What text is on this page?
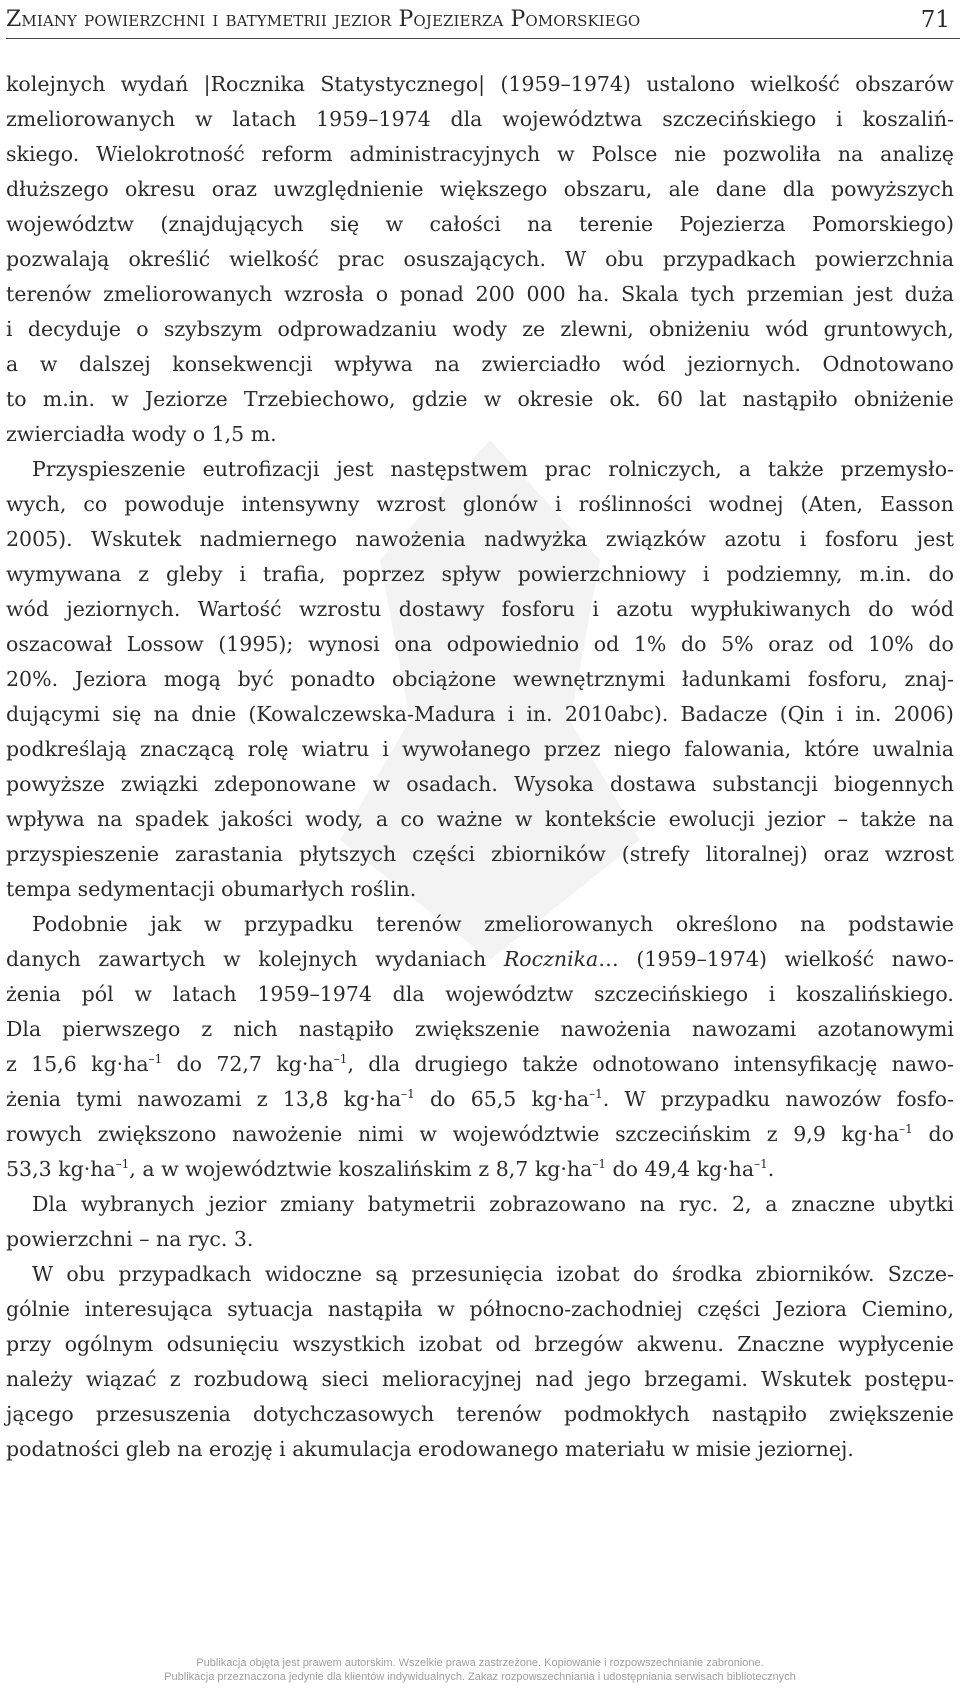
Zmiany powierzchni i batymetrii jezior Pojezierza Pomorskiego	71
kolejnych wydań |Rocznika Statystycznego| (1959–1974) ustalono wielkość obszarów
zmeliorowanych w latach 1959–1974 dla województwa szczecińskiego i koszaliń-
skiego. Wielokrotność reform administracyjnych w Polsce nie pozwoliła na analizę
dłuższego okresu oraz uwzględnienie większego obszaru, ale dane dla powyższych
województw (znajdujących się w całości na terenie Pojezierza Pomorskiego)
pozwalają określić wielkość prac osuszających. W obu przypadkach powierzchnia
terenów zmeliorowanych wzrosła o ponad 200 000 ha. Skala tych przemian jest duża
i decyduje o szybszym odprowadzaniu wody ze zlewni, obniżeniu wód gruntowych,
a w dalszej konsekwencji wpływa na zwierciadło wód jeziornych. Odnotowano
to m.in. w Jeziorze Trzebiechowo, gdzie w okresie ok. 60 lat nastąpiło obniżenie
zwierciadła wody o 1,5 m.
Przyspieszenie eutrofizacji jest następstwem prac rolniczych, a także przemysło-
wych, co powoduje intensywny wzrost glonów i roślinności wodnej (Aten, Easson
2005). Wskutek nadmiernego nawożenia nadwyżka związków azotu i fosforu jest
wymywana z gleby i trafia, poprzez spływ powierzchniowy i podziemny, m.in. do
wód jeziornych. Wartość wzrostu dostawy fosforu i azotu wypłukiwanych do wód
oszacował Lossow (1995); wynosi ona odpowiednio od 1% do 5% oraz od 10% do
20%. Jeziora mogą być ponadto obciążone wewnętrznymi ładunkami fosforu, znaj-
dującymi się na dnie (Kowalczewska-Madura i in. 2010abc). Badacze (Qin i in. 2006)
podkreślają znaczącą rolę wiatru i wywołanego przez niego falowania, które uwalnia
powyższe związki zdeponowane w osadach. Wysoka dostawa substancji biogennych
wpływa na spadek jakości wody, a co ważne w kontekście ewolucji jezior – także na
przyspieszenie zarastania płytszych części zbiorników (strefy litoralnej) oraz wzrost
tempa sedymentacji obumarłych roślin.
Podobnie jak w przypadku terenów zmeliorowanych określono na podstawie
danych zawartych w kolejnych wydaniach Rocznika… (1959–1974) wielkość nawo-
żenia pól w latach 1959–1974 dla województw szczecińskiego i koszalińskiego.
Dla pierwszego z nich nastąpiło zwiększenie nawożenia nawozami azotanowymi
z 15,6 $kg\cdot ha^{-1}$ do 72,7 $kg\cdot ha^{-1}$, dla drugiego także odnotowano intensyfikację nawo-
żenia tymi nawozami z 13,8 $kg\cdot ha^{-1}$ do 65,5 $kg\cdot ha^{-1}$. W przypadku nawozów fosfo-
rowych zwiększono nawożenie nimi w województwie szczecińskim z 9,9 $kg\cdot ha^{-1}$ do
53,3 $kg\cdot ha^{-1}$, a w województwie koszalińskim z 8,7 $kg\cdot ha^{-1}$ do 49,4 $kg\cdot ha^{-1}$.
Dla wybranych jezior zmiany batymetrii zobrazowano na ryc. 2, a znaczne ubytki
powierzchni – na ryc. 3.
W obu przypadkach widoczne są przesunięcia izobat do środka zbiorników. Szcze-
gólnie interesująca sytuacja nastąpiła w północno-zachodniej części Jeziora Ciemino,
przy ogólnym odsunięciu wszystkich izobat od brzegów akwenu. Znaczne wypłycenie
należy wiązać z rozbudową sieci melioracyjnej nad jego brzegami. Wskutek postępu-
jącego przesuszenia dotychczasowych terenów podmokłych nastąpiło zwiększenie
podatności gleb na erozję i akumulacja erodowanego materiału w misie jeziornej.
Publikacja objęta jest prawem autorskim. Wszelkie prawa zastrzeżone. Kopiowanie i rozpowszechnianie zabronione.
Publikacja przeznaczona jedynie dla klientów indywidualnych. Zakaz rozpowszechniania i udostępniania serwisach bibliotecznych
